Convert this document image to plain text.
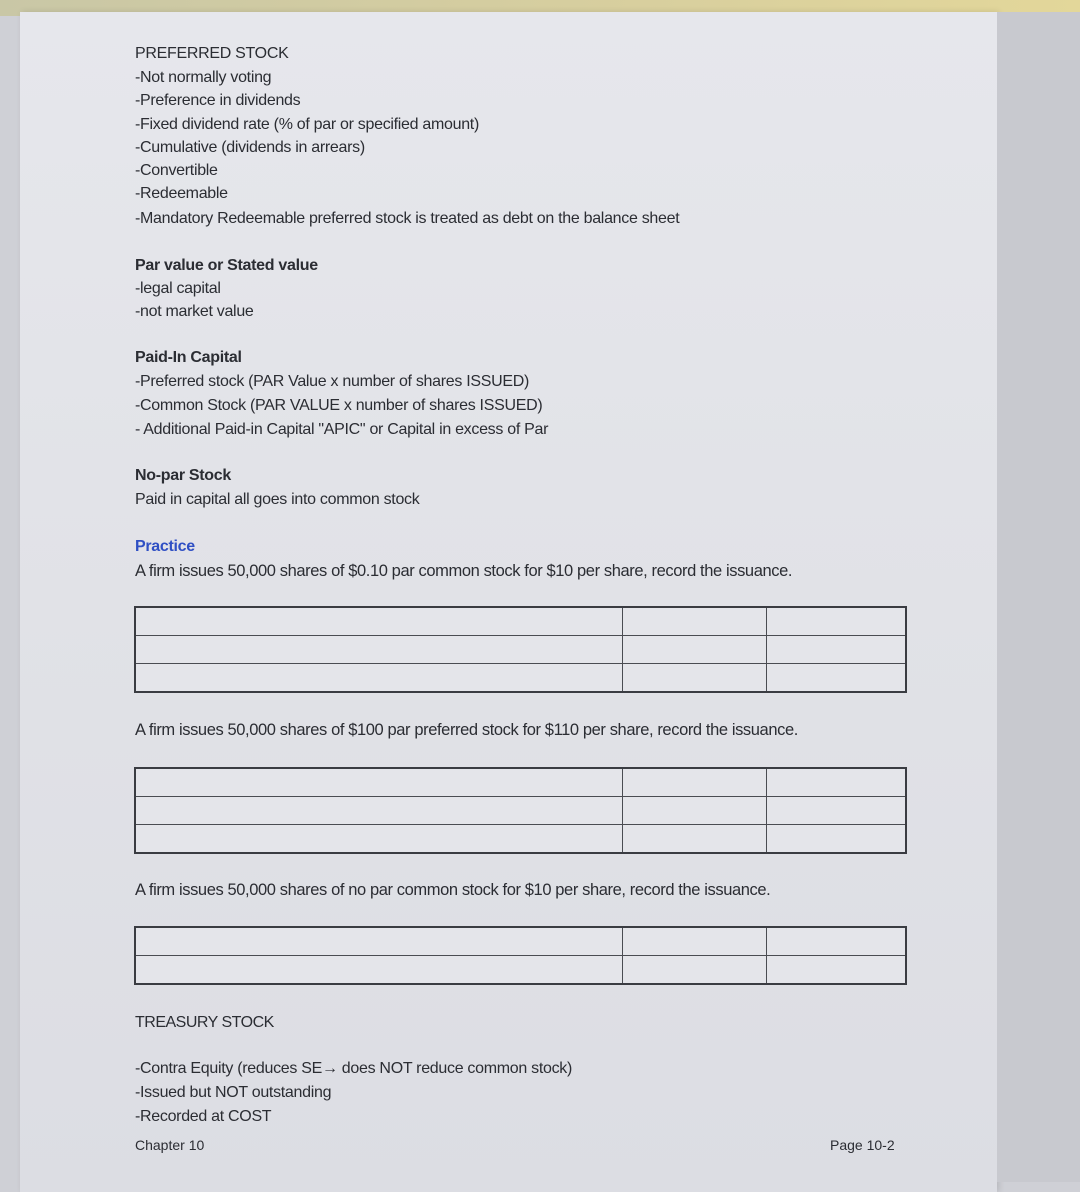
PREFERRED STOCK
-Not normally voting
-Preference in dividends
-Fixed dividend rate (% of par or specified amount)
-Cumulative (dividends in arrears)
-Convertible
-Redeemable
-Mandatory Redeemable preferred stock is treated as debt on the balance sheet
Par value or Stated value
-legal capital
-not market value
Paid-In Capital
-Preferred stock (PAR Value x number of shares ISSUED)
-Common Stock (PAR VALUE x number of shares ISSUED)
- Additional Paid-in Capital "APIC" or Capital in excess of Par
No-par Stock
Paid in capital all goes into common stock
Practice
A firm issues 50,000 shares of $0.10 par common stock for $10 per share, record the issuance.

A firm issues 50,000 shares of $100 par preferred stock for $110 per share, record the issuance.

A firm issues 50,000 shares of no par common stock for $10 per share, record the issuance.

TREASURY STOCK
-Contra Equity (reduces SE→ does NOT reduce common stock)
-Issued but NOT outstanding
-Recorded at COST
Chapter 10	Page 10-2
